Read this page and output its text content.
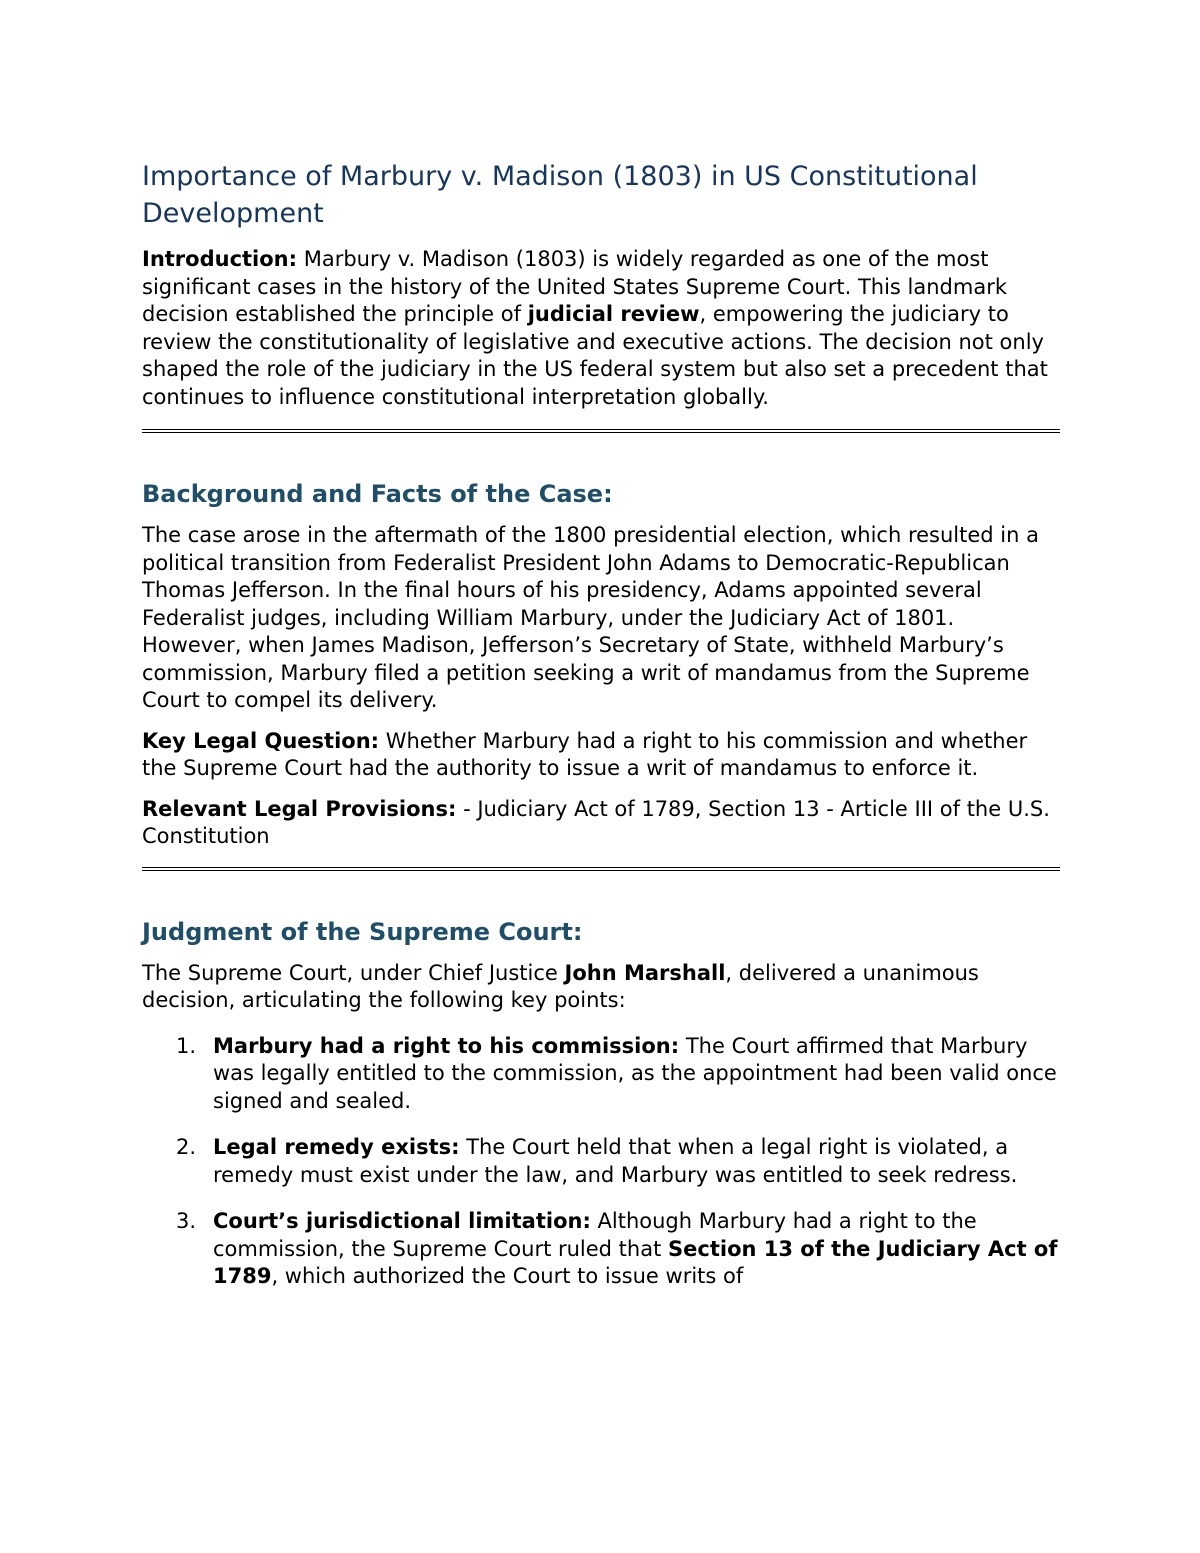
Importance of Marbury v. Madison (1803) in US Constitutional Development

Introduction: Marbury v. Madison (1803) is widely regarded as one of the most significant cases in the history of the United States Supreme Court. This landmark decision established the principle of judicial review, empowering the judiciary to review the constitutionality of legislative and executive actions. The decision not only shaped the role of the judiciary in the US federal system but also set a precedent that continues to influence constitutional interpretation globally.

Background and Facts of the Case:

The case arose in the aftermath of the 1800 presidential election, which resulted in a political transition from Federalist President John Adams to Democratic-Republican Thomas Jefferson. In the final hours of his presidency, Adams appointed several Federalist judges, including William Marbury, under the Judiciary Act of 1801. However, when James Madison, Jefferson’s Secretary of State, withheld Marbury’s commission, Marbury filed a petition seeking a writ of mandamus from the Supreme Court to compel its delivery.

Key Legal Question: Whether Marbury had a right to his commission and whether the Supreme Court had the authority to issue a writ of mandamus to enforce it.

Relevant Legal Provisions: - Judiciary Act of 1789, Section 13 - Article III of the U.S. Constitution

Judgment of the Supreme Court:

The Supreme Court, under Chief Justice John Marshall, delivered a unanimous decision, articulating the following key points:

1. Marbury had a right to his commission: The Court affirmed that Marbury was legally entitled to the commission, as the appointment had been valid once signed and sealed.
2. Legal remedy exists: The Court held that when a legal right is violated, a remedy must exist under the law, and Marbury was entitled to seek redress.
3. Court’s jurisdictional limitation: Although Marbury had a right to the commission, the Supreme Court ruled that Section 13 of the Judiciary Act of 1789, which authorized the Court to issue writs of
